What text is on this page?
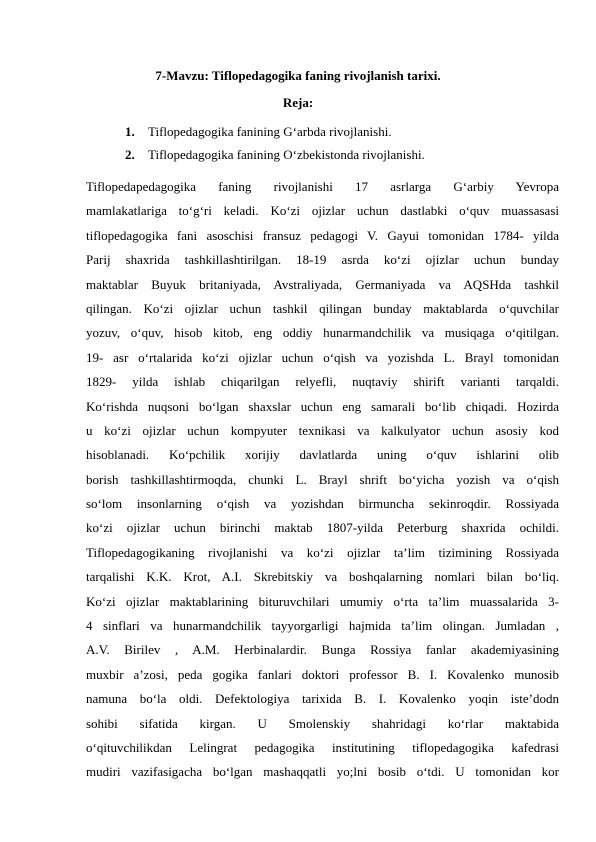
7-Mavzu: Tiflopedagogika faning rivojlanish tarixi.
Reja:
1. Tiflopedagogika fanining G‘arbda rivojlanishi.
2. Tiflopedagogika fanining O‘zbekistonda rivojlanishi.
Tiflopedapedagogika faning rivojlanishi 17 asrlarga G‘arbiy Yevropa
mamlakatlariga to‘g‘ri keladi. Ko‘zi ojizlar uchun dastlabki o‘quv muassasasi
tiflopedagogika fani asoschisi fransuz pedagogi V. Gayui tomonidan 1784- yilda
Parij shaxrida tashkillashtirilgan. 18-19 asrda ko‘zi ojizlar uchun bunday
maktablar Buyuk britaniyada, Avstraliyada, Germaniyada va AQSHda tashkil
qilingan. Ko‘zi ojizlar uchun tashkil qilingan bunday maktablarda o‘quvchilar
yozuv, o‘quv, hisob kitob, eng oddiy hunarmandchilik va musiqaga o‘qitilgan.
19- asr o‘rtalarida ko‘zi ojizlar uchun o‘qish va yozishda L. Brayl tomonidan
1829- yilda ishlab chiqarilgan relyefli, nuqtaviy shirift varianti tarqaldi.
Ko‘rishda nuqsoni bo‘lgan shaxslar uchun eng samarali bo‘lib chiqadi. Hozirda
u ko‘zi ojizlar uchun kompyuter texnikasi va kalkulyator uchun asosiy kod
hisoblanadi. Ko‘pchilik xorijiy davlatlarda uning o‘quv ishlarini olib
borish tashkillashtirmoqda, chunki L. Brayl shrift bo‘yicha yozish va o‘qish
so‘lom insonlarning o‘qish va yozishdan birmuncha sekinroqdir. Rossiyada
ko‘zi ojizlar uchun birinchi maktab 1807-yilda Peterburg shaxrida ochildi.
Tiflopedagogikaning rivojlanishi va ko‘zi ojizlar ta’lim tizimining Rossiyada
tarqalishi K.K. Krot, A.I. Skrebitskiy va boshqalarning nomlari bilan bo‘liq.
Ko‘zi ojizlar maktablarining bituruvchilari umumiy o‘rta ta’lim muassalarida 3-
4 sinflari va hunarmandchilik tayyorgarligi hajmida ta’lim olingan. Jumladan ,
A.V. Birilev , A.M. Herbinalardir. Bunga Rossiya fanlar akademiyasining
muxbir a’zosi, peda gogika fanlari doktori professor B. I. Kovalenko munosib
namuna bo‘la oldi. Defektologiya tarixida B. I. Kovalenko yoqin iste’dodn
sohibi sifatida kirgan. U Smolenskiy shahridagi ko‘rlar maktabida
o‘qituvchilikdan Lelingrat pedagogika institutining tiflopedagogika kafedrasi
mudiri vazifasigacha bo‘lgan mashaqqatli yo;lni bosib o‘tdi. U tomonidan kor
